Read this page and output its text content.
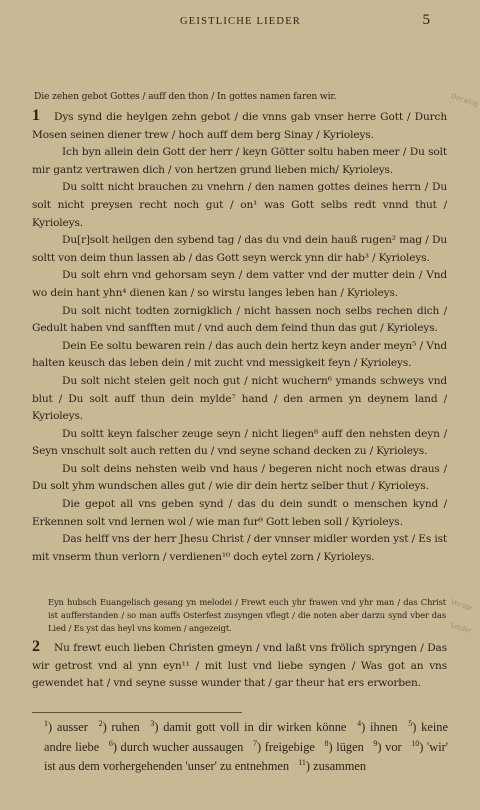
GEISTLICHE LIEDER	5
Decalog
Vorspr.
Lieder
Die zehen gebot Gottes / auff den thon / In gottes namen faren wir.
1 Dys synd die heylgen zehn gebot / die vnns gab vnser herre Gott / Durch Mosen seinen diener trew / hoch auff dem berg Sinay / Kyrioleys.
Ich byn allein dein Gott der herr / keyn Götter soltu haben meer / Du solt mir gantz vertrawen dich / von hertzen grund lieben mich/ Kyrioleys.
Du soltt nicht brauchen zu vnehrn / den namen gottes deines herrn / Du solt nicht preysen recht noch gut / on¹ was Gott selbs redt vnnd thut / Kyrioleys.
Du[r]solt heilgen den sybend tag / das du vnd dein hauß rugen² mag / Du soltt von deim thun lassen ab / das Gott seyn werck ynn dir hab³ / Kyrioleys.
Du solt ehrn vnd gehorsam seyn / dem vatter vnd der mutter dein / Vnd wo dein hant yhn⁴ dienen kan / so wirstu langes leben han / Kyrioleys.
Du solt nicht todten zornigklich / nicht hassen noch selbs rechen dich / Gedult haben vnd sanfften mut / vnd auch dem feind thun das gut / Kyrioleys.
Dein Ee soltu bewaren rein / das auch dein hertz keyn ander meyn⁵ / Vnd halten keusch das leben dein / mit zucht vnd messigkeit feyn / Kyrioleys.
Du solt nicht stelen gelt noch gut / nicht wuchern⁶ ymands schweys vnd blut / Du solt auff thun dein mylde⁷ hand / den armen yn deynem land / Kyrioleys.
Du soltt keyn falscher zeuge seyn / nicht liegen⁸ auff den nehsten deyn / Seyn vnschult solt auch retten du / vnd seyne schand decken zu / Kyrioleys.
Du solt deins nehsten weib vnd haus / begeren nicht noch etwas draus / Du solt yhm wundschen alles gut / wie dir dein hertz selber thut / Kyrioleys.
Die gepot all vns geben synd / das du dein sundt o menschen kynd / Erkennen solt vnd lernen wol / wie man fur⁹ Gott leben soll / Kyrioleys.
Das helff vns der herr Jhesu Christ / der vnnser midler worden yst / Es ist mit vnserm thun verlorn / verdienen¹⁰ doch eytel zorn / Kyrioleys.
Eyn hubsch Euangelisch gesang yn melodei / Frewt euch yhr frawen vnd yhr man / das Christ ist aufferstanden / so man auffs Osterfest zusyngen vflegt / die noten aber darzu synd vber das Lied / Es yst das heyl vns komen / angezeigt.
2 Nu frewt euch lieben Christen gmeyn / vnd laßt vns frölich spryngen / Das wir getrost vnd al ynn eyn¹¹ / mit lust vnd liebe syngen / Was got an vns gewendet hat / vnd seyne susse wunder that / gar theur hat ers erworben.
$^1$) ausser $^2$) ruhen $^3$) damit gott voll in dir wirken könne $^4$) ihnen $^5$) keine andre liebe $^6$) durch wucher aussaugen $^7$) freigebige $^8$) lügen $^9$) vor $^{10}$) 'wir' ist aus dem vorhergehenden 'unser' zu entnehmen $^{11}$) zusammen
